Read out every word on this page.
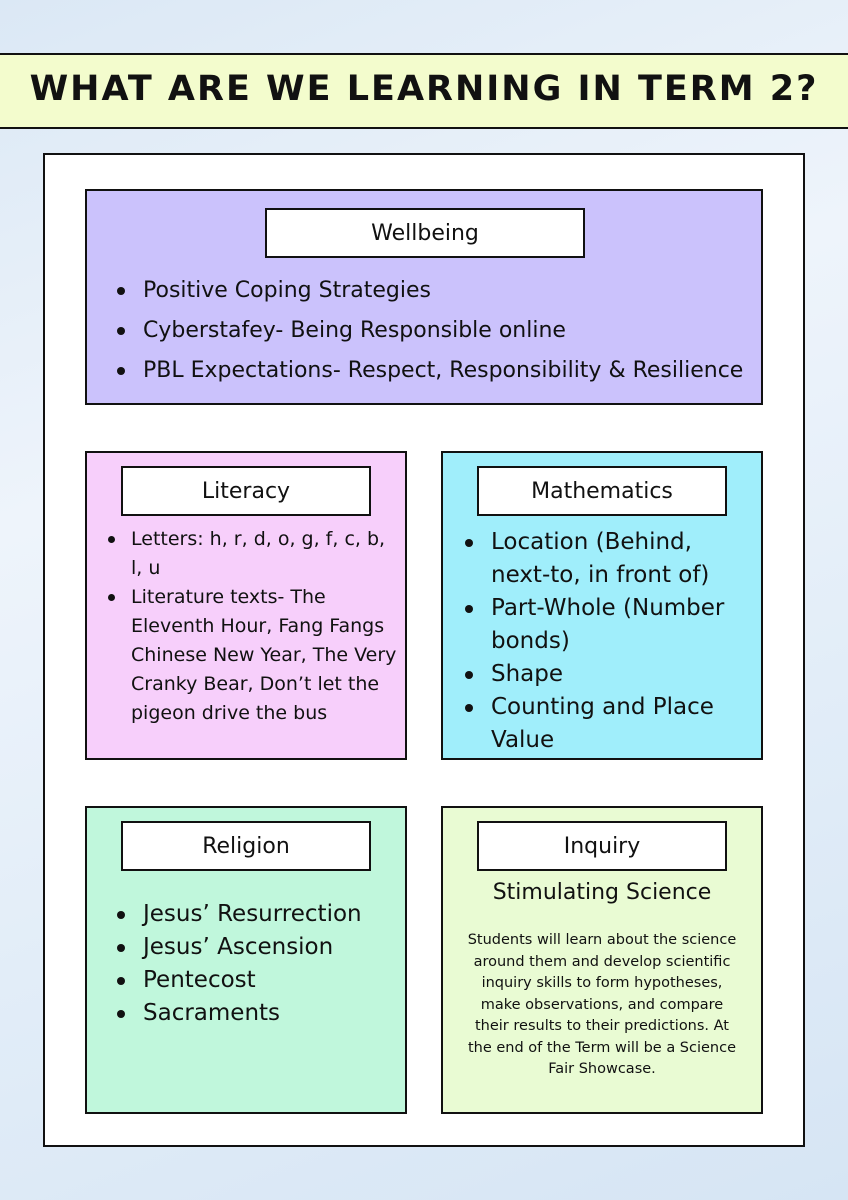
WHAT ARE WE LEARNING IN TERM 2?
Wellbeing
Positive Coping Strategies
Cyberstafey- Being Responsible online
PBL Expectations- Respect, Responsibility & Resilience
Literacy
Letters: h, r, d, o, g, f, c, b, l, u
Literature texts- The Eleventh Hour, Fang Fangs Chinese New Year, The Very Cranky Bear, Don’t let the pigeon drive the bus
Mathematics
Location (Behind, next-to, in front of)
Part-Whole (Number bonds)
Shape
Counting and Place Value
Religion
Jesus’ Resurrection
Jesus’ Ascension
Pentecost
Sacraments
Inquiry
Stimulating Science
Students will learn about the science around them and develop scientific inquiry skills to form hypotheses, make observations, and compare their results to their predictions. At the end of the Term will be a Science Fair Showcase.
